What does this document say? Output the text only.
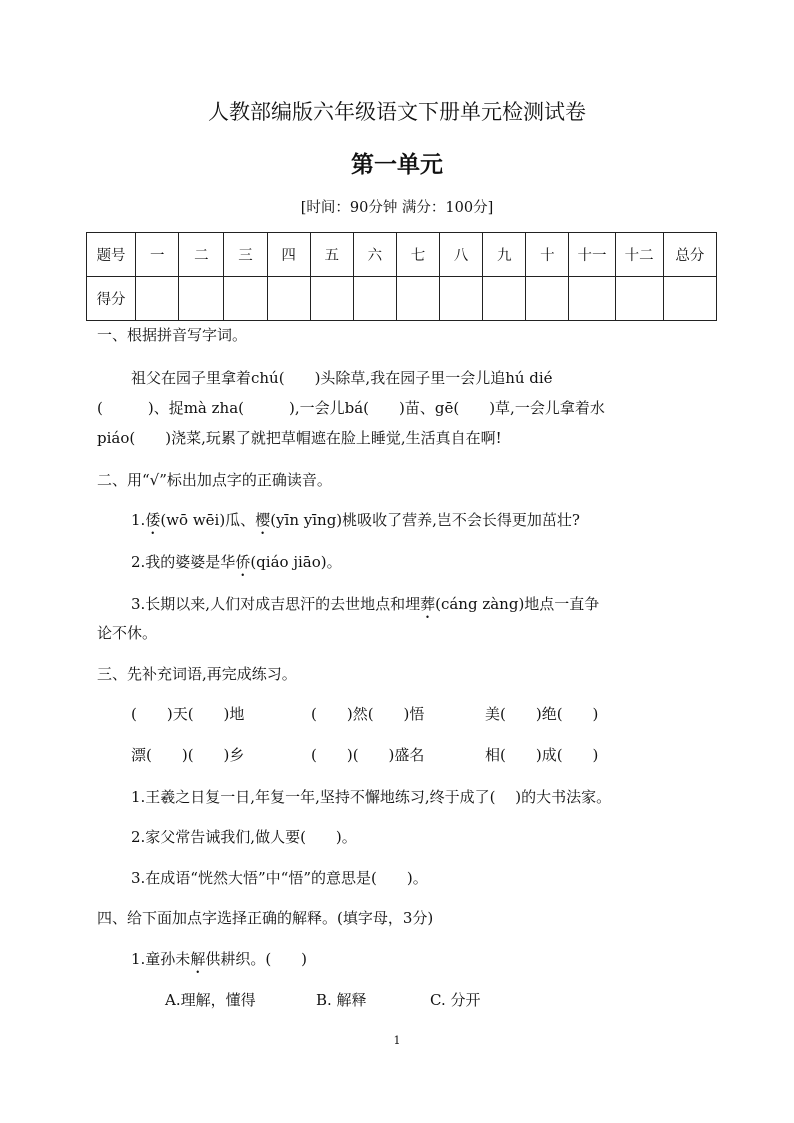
人教部编版六年级语文下册单元检测试卷
第一单元
[时间：90分钟 满分：100分]
题号	一	二	三	四	五	六	七	八	九	十	十一	十二	总分
得分													
一、根据拼音写字词。
祖父在园子里拿着chú(　　)头除草,我在园子里一会儿追hú dié
(　　　)、捉mà zha(　　　),一会儿bá(　　)苗、gē(　　)草,一会儿拿着水
piáo(　　)浇菜,玩累了就把草帽遮在脸上睡觉,生活真自在啊!
二、用“√”标出加点字的正确读音。
1.倭(wō wēi)瓜、樱(yīn yīng)桃吸收了营养,岂不会长得更加茁壮?
2.我的婆婆是华侨(qiáo jiāo)。
3.长期以来,人们对成吉思汗的去世地点和埋葬(cáng zàng)地点一直争
论不休。
三、先补充词语,再完成练习。
(　　)天(　　)地	(　　)然(　　)悟	美(　　)绝(　　)
漂(　　)(　　)乡	(　　)(　　)盛名	相(　　)成(　　)
1.王羲之日复一日,年复一年,坚持不懈地练习,终于成了(　 )的大书法家。
2.家父常告诫我们,做人要(　　)。
3.在成语“恍然大悟”中“悟”的意思是(　　)。
四、给下面加点字选择正确的解释。(填字母，3分)
1.童孙未解供耕织。(　　)
A.理解，懂得	B. 解释	C. 分开
1
